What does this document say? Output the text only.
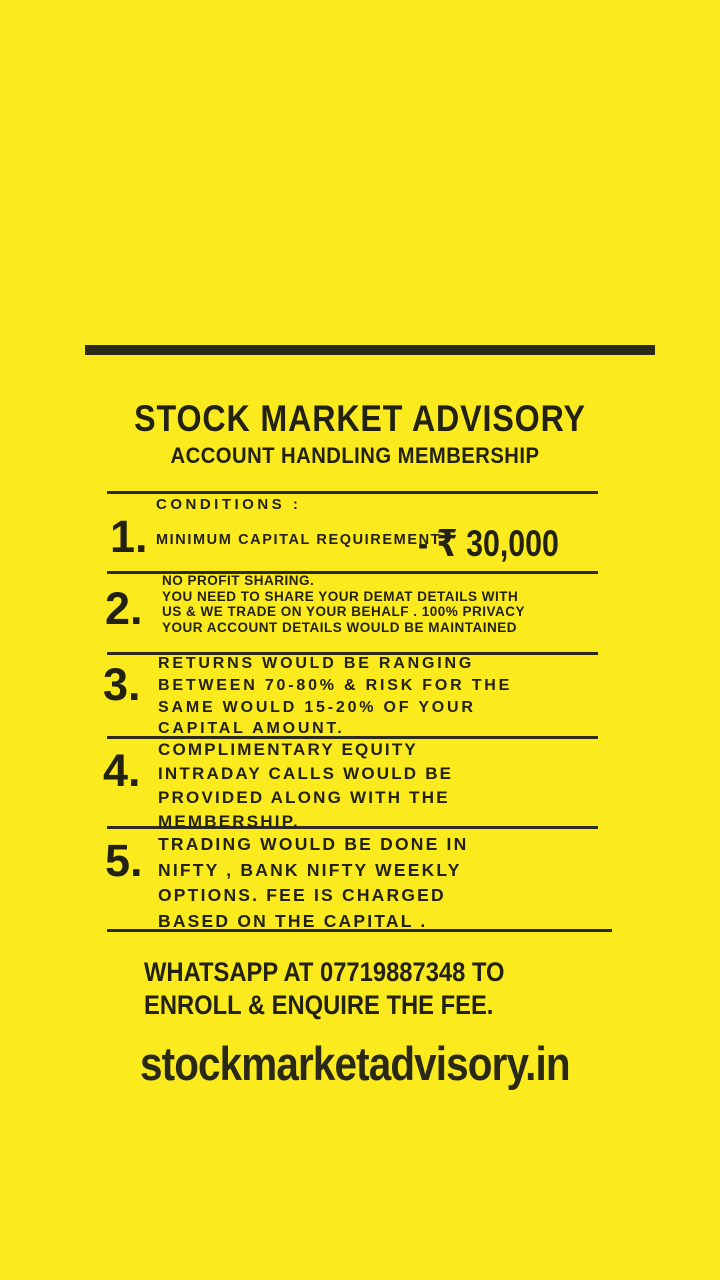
STOCK MARKET ADVISORY
ACCOUNT HANDLING MEMBERSHIP
CONDITIONS :
1. MINIMUM CAPITAL REQUIREMENT
- ₹ 30,000
2.
NO PROFIT SHARING.
YOU NEED TO SHARE YOUR DEMAT DETAILS WITH
US & WE TRADE ON YOUR BEHALF . 100% PRIVACY
YOUR ACCOUNT DETAILS WOULD BE MAINTAINED
3. RETURNS WOULD BE RANGING
BETWEEN 70-80% & RISK FOR THE
SAME WOULD 15-20% OF YOUR
CAPITAL AMOUNT.
4. COMPLIMENTARY EQUITY
INTRADAY CALLS WOULD BE
PROVIDED ALONG WITH THE
MEMBERSHIP.
5. TRADING WOULD BE DONE IN
NIFTY , BANK NIFTY WEEKLY
OPTIONS. FEE IS CHARGED
BASED ON THE CAPITAL .
WHATSAPP AT 07719887348 TO
ENROLL & ENQUIRE THE FEE.
stockmarketadvisory.in
